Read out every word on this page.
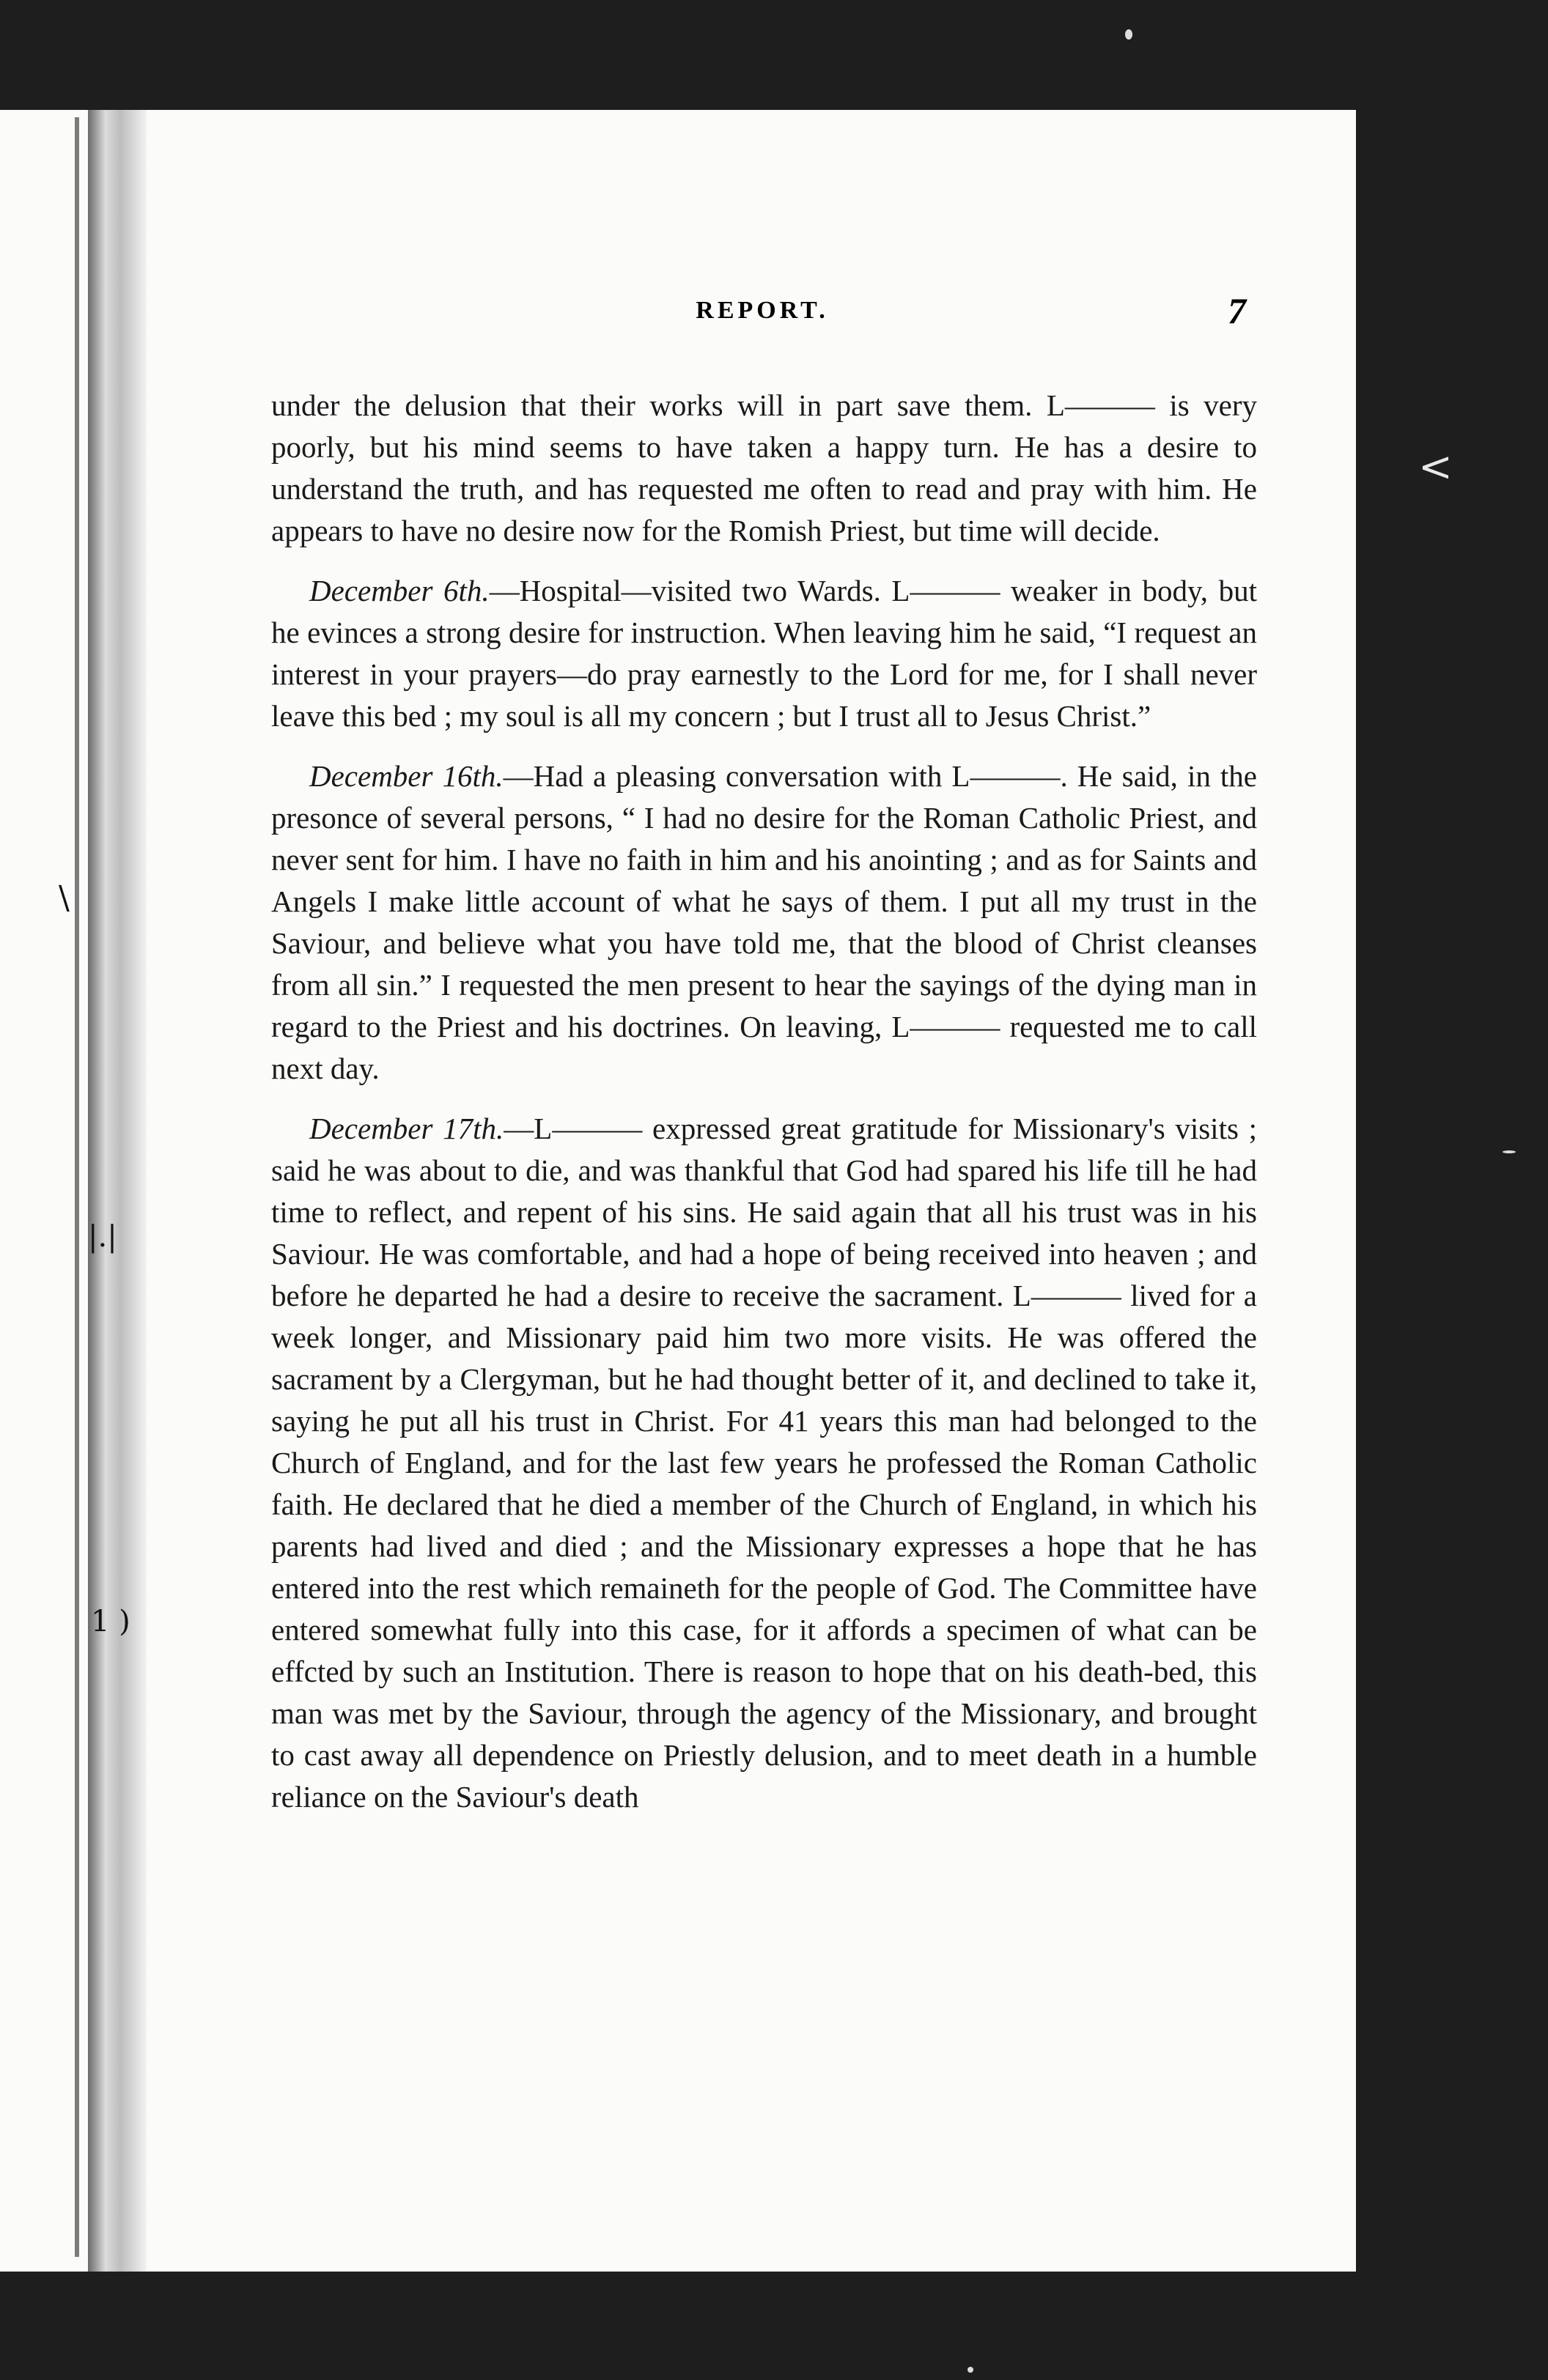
\
|.|
1 )
<
REPORT.	7

under the delusion that their works will in part save them. L——— is very poorly, but his mind seems to have taken a happy turn. He has a desire to understand the truth, and has requested me often to read and pray with him. He appears to have no desire now for the Romish Priest, but time will decide.

December 6th.—Hospital—visited two Wards. L——— weaker in body, but he evinces a strong desire for instruction. When leaving him he said, “I request an interest in your prayers—do pray earnestly to the Lord for me, for I shall never leave this bed ; my soul is all my concern ; but I trust all to Jesus Christ.”

December 16th.—Had a pleasing conversation with L———. He said, in the presonce of several persons, “ I had no desire for the Roman Catholic Priest, and never sent for him. I have no faith in him and his anointing ; and as for Saints and Angels I make little account of what he says of them. I put all my trust in the Saviour, and believe what you have told me, that the blood of Christ cleanses from all sin.” I requested the men present to hear the sayings of the dying man in regard to the Priest and his doctrines. On leaving, L——— requested me to call next day.

December 17th.—L——— expressed great gratitude for Missionary's visits ; said he was about to die, and was thankful that God had spared his life till he had time to reflect, and repent of his sins. He said again that all his trust was in his Saviour. He was comfortable, and had a hope of being received into heaven ; and before he departed he had a desire to receive the sacrament. L——— lived for a week longer, and Missionary paid him two more visits. He was offered the sacrament by a Clergyman, but he had thought better of it, and declined to take it, saying he put all his trust in Christ. For 41 years this man had belonged to the Church of England, and for the last few years he professed the Roman Catholic faith. He declared that he died a member of the Church of England, in which his parents had lived and died ; and the Missionary expresses a hope that he has entered into the rest which remaineth for the people of God. The Committee have entered somewhat fully into this case, for it affords a specimen of what can be effcted by such an Institution. There is reason to hope that on his death-bed, this man was met by the Saviour, through the agency of the Missionary, and brought to cast away all dependence on Priestly delusion, and to meet death in a humble reliance on the Saviour's death
